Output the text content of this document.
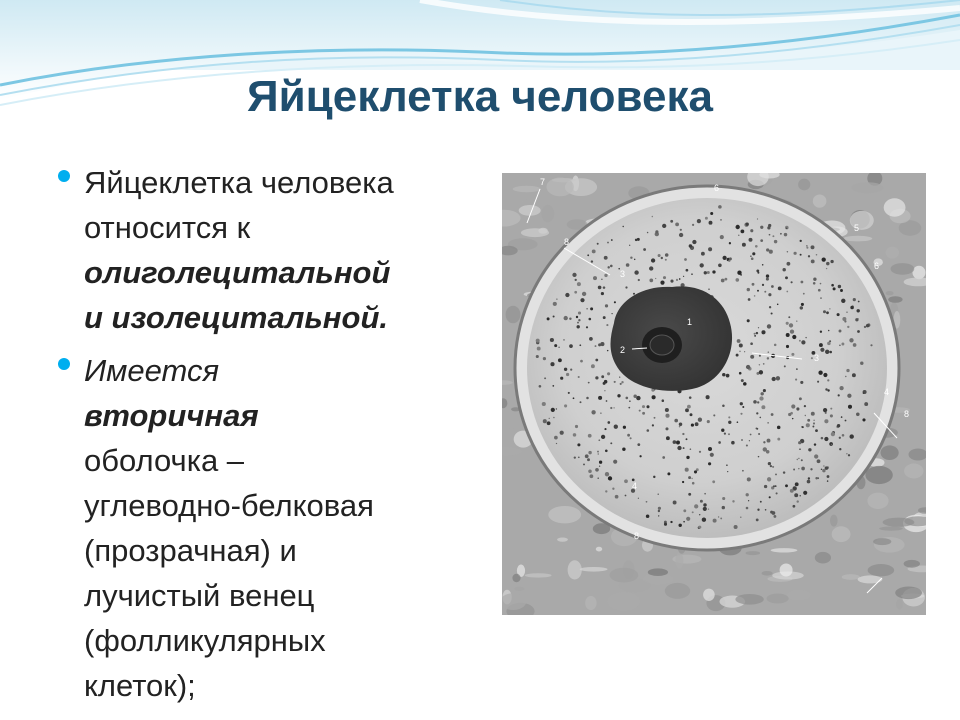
Яйцеклетка человека
Яйцеклетка человека
относится к
олиголецитальной
и изолецитальной.
Имеется
вторичная
оболочка –
углеводно-белковая
(прозрачная) и
лучистый венец
(фолликулярных
клеток);
7
6
8
5
3
6
1
2
3
4
8
4
8
